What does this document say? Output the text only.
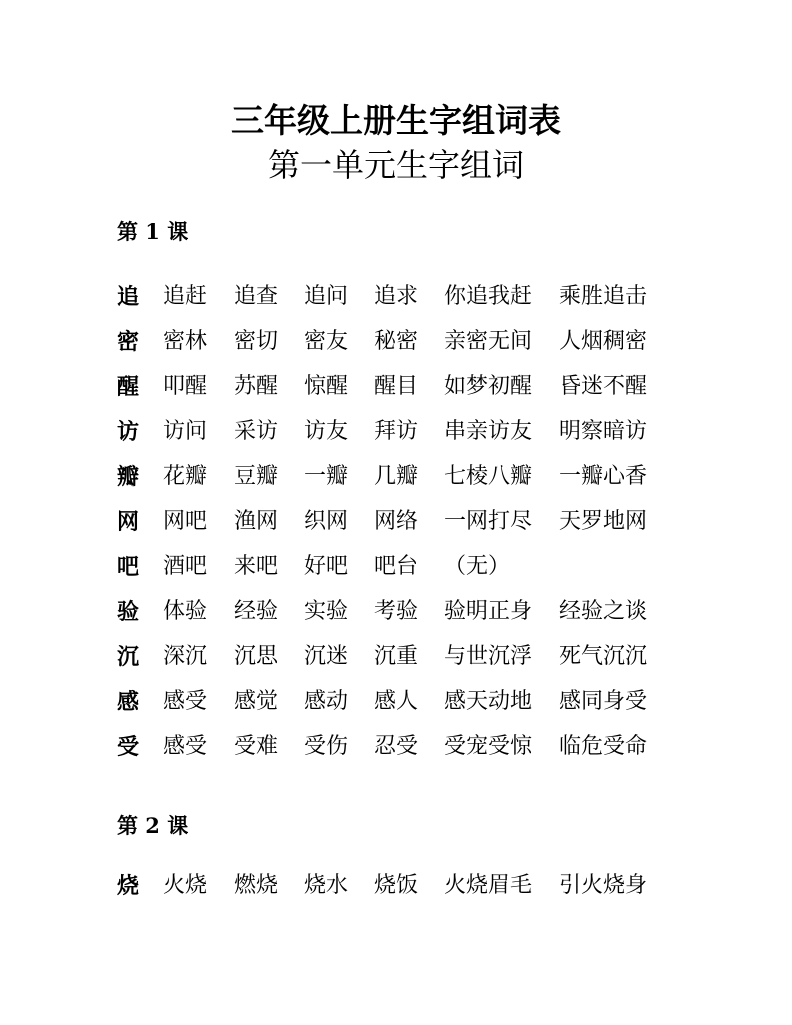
三年级上册生字组词表
第一单元生字组词
第 1 课
追 追赶 追查 追问 追求 你追我赶 乘胜追击
密 密林 密切 密友 秘密 亲密无间 人烟稠密
醒 叩醒 苏醒 惊醒 醒目 如梦初醒 昏迷不醒
访 访问 采访 访友 拜访 串亲访友 明察暗访
瓣 花瓣 豆瓣 一瓣 几瓣 七棱八瓣 一瓣心香
网 网吧 渔网 织网 网络 一网打尽 天罗地网
吧 酒吧 来吧 好吧 吧台 （无）
验 体验 经验 实验 考验 验明正身 经验之谈
沉 深沉 沉思 沉迷 沉重 与世沉浮 死气沉沉
感 感受 感觉 感动 感人 感天动地 感同身受
受 感受 受难 受伤 忍受 受宠受惊 临危受命
第 2 课
烧 火烧 燃烧 烧水 烧饭 火烧眉毛 引火烧身
